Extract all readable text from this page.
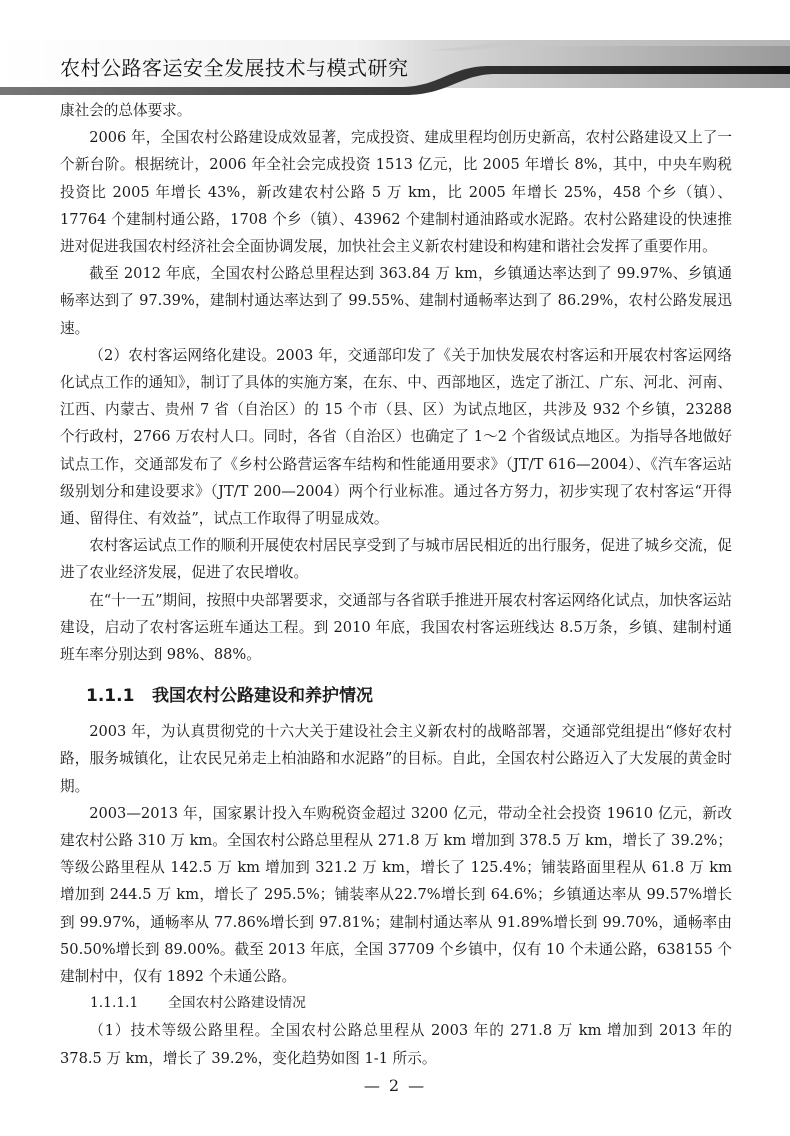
农村公路客运安全发展技术与模式研究

康社会的总体要求。

2006 年，全国农村公路建设成效显著，完成投资、建成里程均创历史新高，农村公路建设又上了一个新台阶。根据统计，2006 年全社会完成投资 1513 亿元，比 2005 年增长 8%，其中，中央车购税投资比 2005 年增长 43%，新改建农村公路 5 万 km，比 2005 年增长 25%，458 个乡（镇）、17764 个建制村通公路，1708 个乡（镇）、43962 个建制村通油路或水泥路。农村公路建设的快速推进对促进我国农村经济社会全面协调发展，加快社会主义新农村建设和构建和谐社会发挥了重要作用。

截至 2012 年底，全国农村公路总里程达到 363.84 万 km，乡镇通达率达到了 99.97%、乡镇通畅率达到了 97.39%，建制村通达率达到了 99.55%、建制村通畅率达到了 86.29%，农村公路发展迅速。

（2）农村客运网络化建设。2003 年，交通部印发了《关于加快发展农村客运和开展农村客运网络化试点工作的通知》，制订了具体的实施方案，在东、中、西部地区，选定了浙江、广东、河北、河南、江西、内蒙古、贵州 7 省（自治区）的 15 个市（县、区）为试点地区，共涉及 932 个乡镇，23288 个行政村，2766 万农村人口。同时，各省（自治区）也确定了 1～2 个省级试点地区。为指导各地做好试点工作，交通部发布了《乡村公路营运客车结构和性能通用要求》（JT/T 616—2004）、《汽车客运站级别划分和建设要求》（JT/T 200—2004）两个行业标准。通过各方努力，初步实现了农村客运“开得通、留得住、有效益”，试点工作取得了明显成效。

农村客运试点工作的顺利开展使农村居民享受到了与城市居民相近的出行服务，促进了城乡交流，促进了农业经济发展，促进了农民增收。

在“十一五”期间，按照中央部署要求，交通部与各省联手推进开展农村客运网络化试点，加快客运站建设，启动了农村客运班车通达工程。到 2010 年底，我国农村客运班线达 8.5万条，乡镇、建制村通班车率分别达到 98%、88%。

1.1.1 我国农村公路建设和养护情况

2003 年，为认真贯彻党的十六大关于建设社会主义新农村的战略部署，交通部党组提出“修好农村路，服务城镇化，让农民兄弟走上柏油路和水泥路”的目标。自此，全国农村公路迈入了大发展的黄金时期。

2003—2013 年，国家累计投入车购税资金超过 3200 亿元，带动全社会投资 19610 亿元，新改建农村公路 310 万 km。全国农村公路总里程从 271.8 万 km 增加到 378.5 万 km，增长了 39.2%；等级公路里程从 142.5 万 km 增加到 321.2 万 km，增长了 125.4%；铺装路面里程从 61.8 万 km 增加到 244.5 万 km，增长了 295.5%；铺装率从22.7%增长到 64.6%；乡镇通达率从 99.57%增长到 99.97%，通畅率从 77.86%增长到 97.81%；建制村通达率从 91.89%增长到 99.70%，通畅率由 50.50%增长到 89.00%。截至 2013 年底，全国 37709 个乡镇中，仅有 10 个未通公路，638155 个建制村中，仅有 1892 个未通公路。

1.1.1.1 全国农村公路建设情况

（1）技术等级公路里程。全国农村公路总里程从 2003 年的 271.8 万 km 增加到 2013 年的 378.5 万 km，增长了 39.2%，变化趋势如图 1-1 所示。

— 2 —
